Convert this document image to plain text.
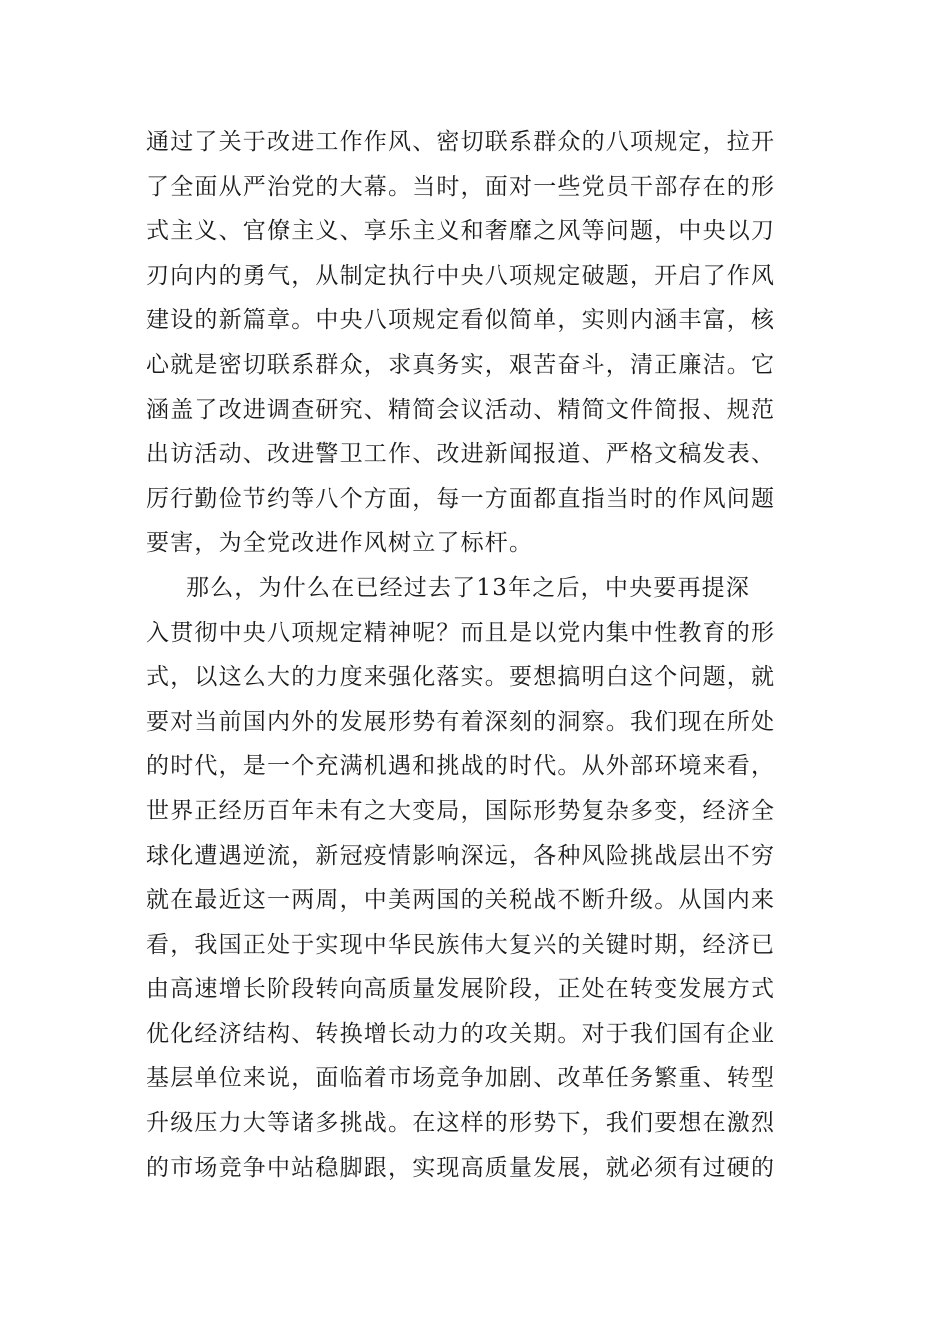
通过了关于改进工作作风、密切联系群众的八项规定，拉开
了全面从严治党的大幕。当时，面对一些党员干部存在的形
式主义、官僚主义、享乐主义和奢靡之风等问题，中央以刀
刃向内的勇气，从制定执行中央八项规定破题，开启了作风
建设的新篇章。中央八项规定看似简单，实则内涵丰富，核
心就是密切联系群众，求真务实，艰苦奋斗，清正廉洁。它
涵盖了改进调查研究、精简会议活动、精简文件简报、规范
出访活动、改进警卫工作、改进新闻报道、严格文稿发表、
厉行勤俭节约等八个方面，每一方面都直指当时的作风问题
要害，为全党改进作风树立了标杆。
那么，为什么在已经过去了13年之后，中央要再提深
入贯彻中央八项规定精神呢？而且是以党内集中性教育的形
式，以这么大的力度来强化落实。要想搞明白这个问题，就
要对当前国内外的发展形势有着深刻的洞察。我们现在所处
的时代，是一个充满机遇和挑战的时代。从外部环境来看，
世界正经历百年未有之大变局，国际形势复杂多变，经济全
球化遭遇逆流，新冠疫情影响深远，各种风险挑战层出不穷
就在最近这一两周，中美两国的关税战不断升级。从国内来
看，我国正处于实现中华民族伟大复兴的关键时期，经济已
由高速增长阶段转向高质量发展阶段，正处在转变发展方式
优化经济结构、转换增长动力的攻关期。对于我们国有企业
基层单位来说，面临着市场竞争加剧、改革任务繁重、转型
升级压力大等诸多挑战。在这样的形势下，我们要想在激烈
的市场竞争中站稳脚跟，实现高质量发展，就必须有过硬的
